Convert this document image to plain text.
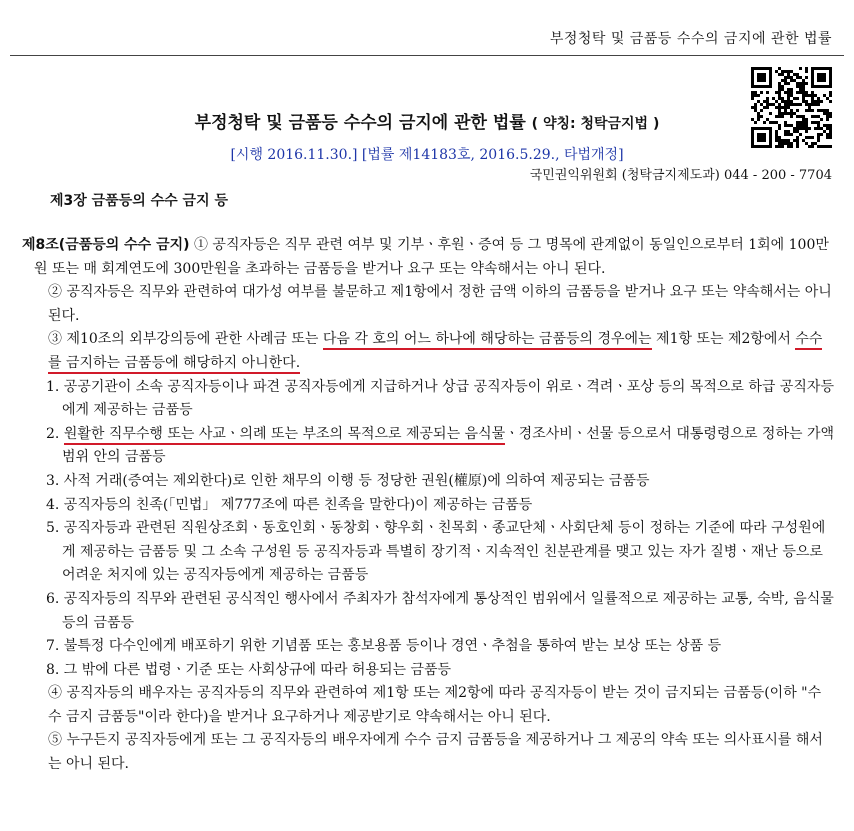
부정청탁 및 금품등 수수의 금지에 관한 법률
부정청탁 및 금품등 수수의 금지에 관한 법률 ( 약칭: 청탁금지법 )
[시행 2016.11.30.] [법률 제14183호, 2016.5.29., 타법개정]
국민권익위원회 (청탁금지제도과) 044 - 200 - 7704
제3장 금품등의 수수 금지 등

제8조(금품등의 수수 금지) ① 공직자등은 직무 관련 여부 및 기부ㆍ후원ㆍ증여 등 그 명목에 관계없이 동일인으로부터 1회에 100만원 또는 매 회계연도에 300만원을 초과하는 금품등을 받거나 요구 또는 약속해서는 아니 된다.

② 공직자등은 직무와 관련하여 대가성 여부를 불문하고 제1항에서 정한 금액 이하의 금품등을 받거나 요구 또는 약속해서는 아니 된다.

③ 제10조의 외부강의등에 관한 사례금 또는 다음 각 호의 어느 하나에 해당하는 금품등의 경우에는 제1항 또는 제2항에서 수수를 금지하는 금품등에 해당하지 아니한다.

1. 공공기관이 소속 공직자등이나 파견 공직자등에게 지급하거나 상급 공직자등이 위로ㆍ격려ㆍ포상 등의 목적으로 하급 공직자등에게 제공하는 금품등

2. 원활한 직무수행 또는 사교ㆍ의례 또는 부조의 목적으로 제공되는 음식물ㆍ경조사비ㆍ선물 등으로서 대통령령으로 정하는 가액 범위 안의 금품등

3. 사적 거래(증여는 제외한다)로 인한 채무의 이행 등 정당한 권원(權原)에 의하여 제공되는 금품등

4. 공직자등의 친족(「민법」 제777조에 따른 친족을 말한다)이 제공하는 금품등

5. 공직자등과 관련된 직원상조회ㆍ동호인회ㆍ동창회ㆍ향우회ㆍ친목회ㆍ종교단체ㆍ사회단체 등이 정하는 기준에 따라 구성원에게 제공하는 금품등 및 그 소속 구성원 등 공직자등과 특별히 장기적ㆍ지속적인 친분관계를 맺고 있는 자가 질병ㆍ재난 등으로 어려운 처지에 있는 공직자등에게 제공하는 금품등

6. 공직자등의 직무와 관련된 공식적인 행사에서 주최자가 참석자에게 통상적인 범위에서 일률적으로 제공하는 교통, 숙박, 음식물 등의 금품등

7. 불특정 다수인에게 배포하기 위한 기념품 또는 홍보용품 등이나 경연ㆍ추첨을 통하여 받는 보상 또는 상품 등

8. 그 밖에 다른 법령ㆍ기준 또는 사회상규에 따라 허용되는 금품등

④ 공직자등의 배우자는 공직자등의 직무와 관련하여 제1항 또는 제2항에 따라 공직자등이 받는 것이 금지되는 금품등(이하 "수수 금지 금품등"이라 한다)을 받거나 요구하거나 제공받기로 약속해서는 아니 된다.

⑤ 누구든지 공직자등에게 또는 그 공직자등의 배우자에게 수수 금지 금품등을 제공하거나 그 제공의 약속 또는 의사표시를 해서는 아니 된다.
